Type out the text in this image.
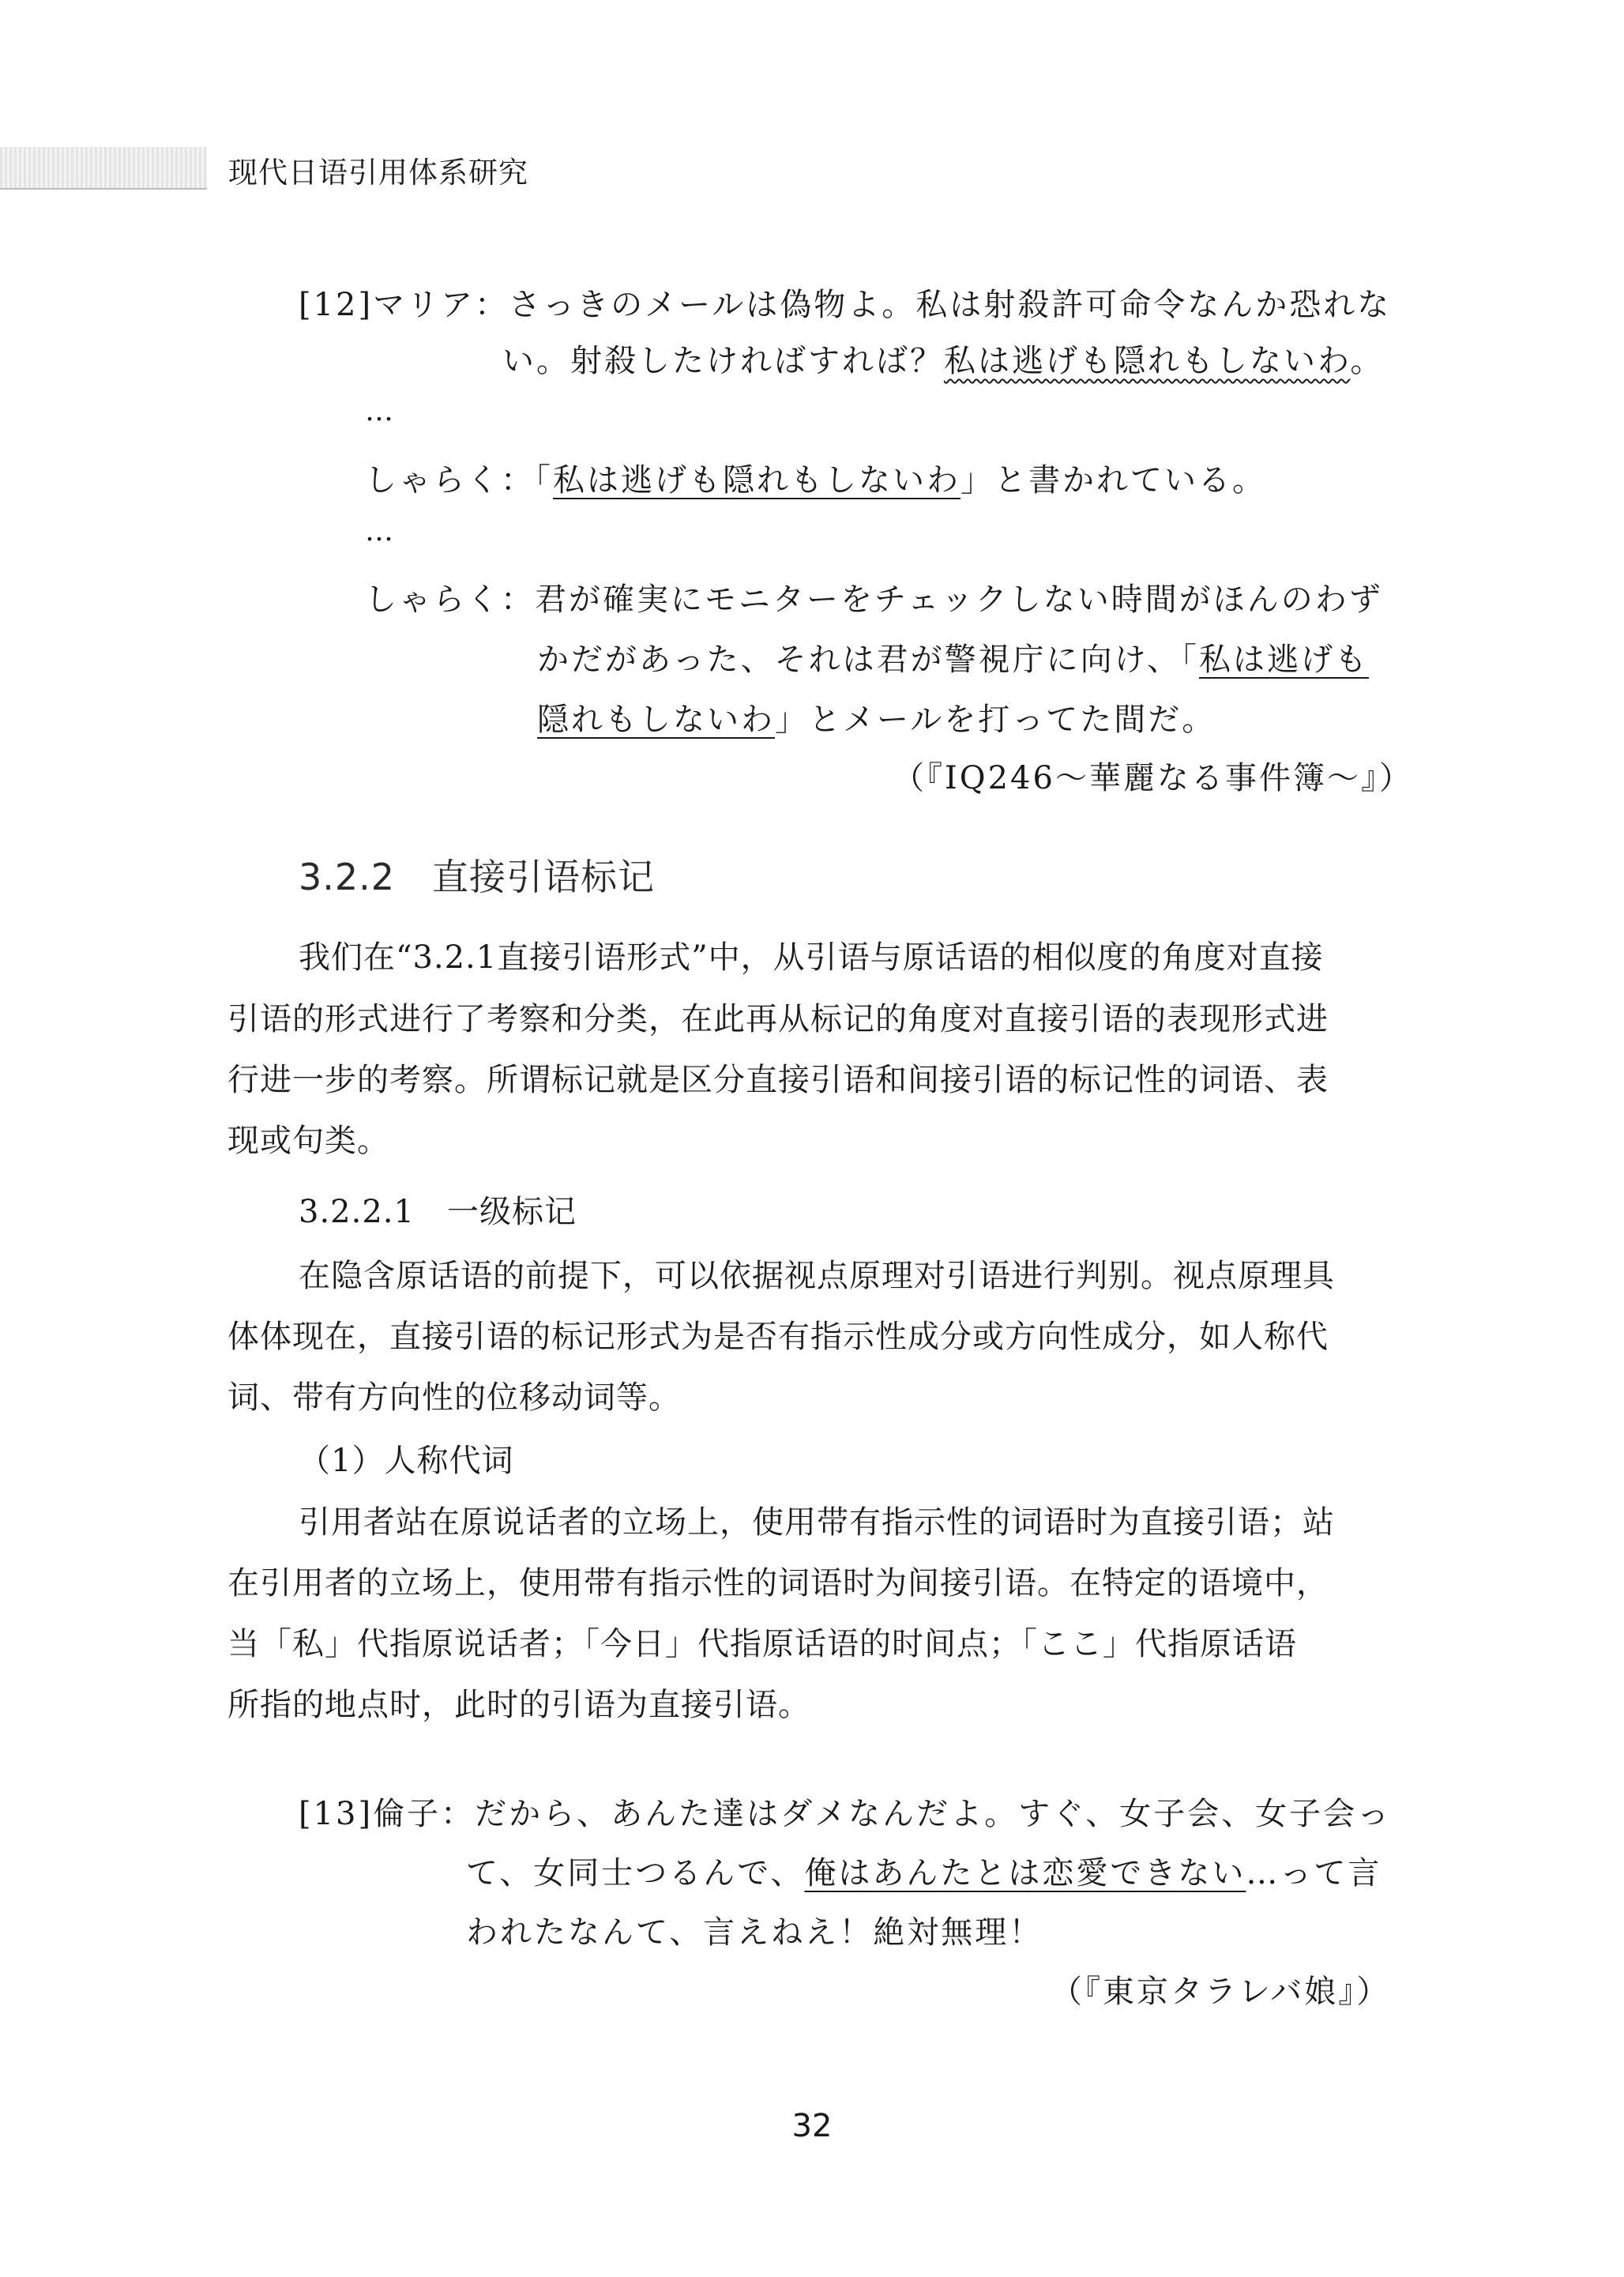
现代日语引用体系研究
[12]マリア：さっきのメールは偽物よ。私は射殺許可命令なんか恐れな
い。射殺したければすれば？私は逃げも隠れもしないわ。
…
しゃらく：「私は逃げも隠れもしないわ」と書かれている。
…
しゃらく：君が確実にモニターをチェックしない時間がほんのわず
かだがあった、それは君が警視庁に向け、「私は逃げも
隠れもしないわ」とメールを打ってた間だ。
（『IQ246～華麗なる事件簿～』）
3.2.2　直接引语标记
我们在“3.2.1直接引语形式”中，从引语与原话语的相似度的角度对直接
引语的形式进行了考察和分类，在此再从标记的角度对直接引语的表现形式进
行进一步的考察。所谓标记就是区分直接引语和间接引语的标记性的词语、表
现或句类。
3.2.2.1　一级标记
在隐含原话语的前提下，可以依据视点原理对引语进行判别。视点原理具
体体现在，直接引语的标记形式为是否有指示性成分或方向性成分，如人称代
词、带有方向性的位移动词等。
（1）人称代词
引用者站在原说话者的立场上，使用带有指示性的词语时为直接引语；站
在引用者的立场上，使用带有指示性的词语时为间接引语。在特定的语境中，
当「私」代指原说话者；「今日」代指原话语的时间点；「ここ」代指原话语
所指的地点时，此时的引语为直接引语。
[13]倫子：だから、あんた達はダメなんだよ。すぐ、女子会、女子会っ
て、女同士つるんで、俺はあんたとは恋愛できない…って言
われたなんて、言えねえ！絶対無理！
（『東京タラレバ娘』）
32
